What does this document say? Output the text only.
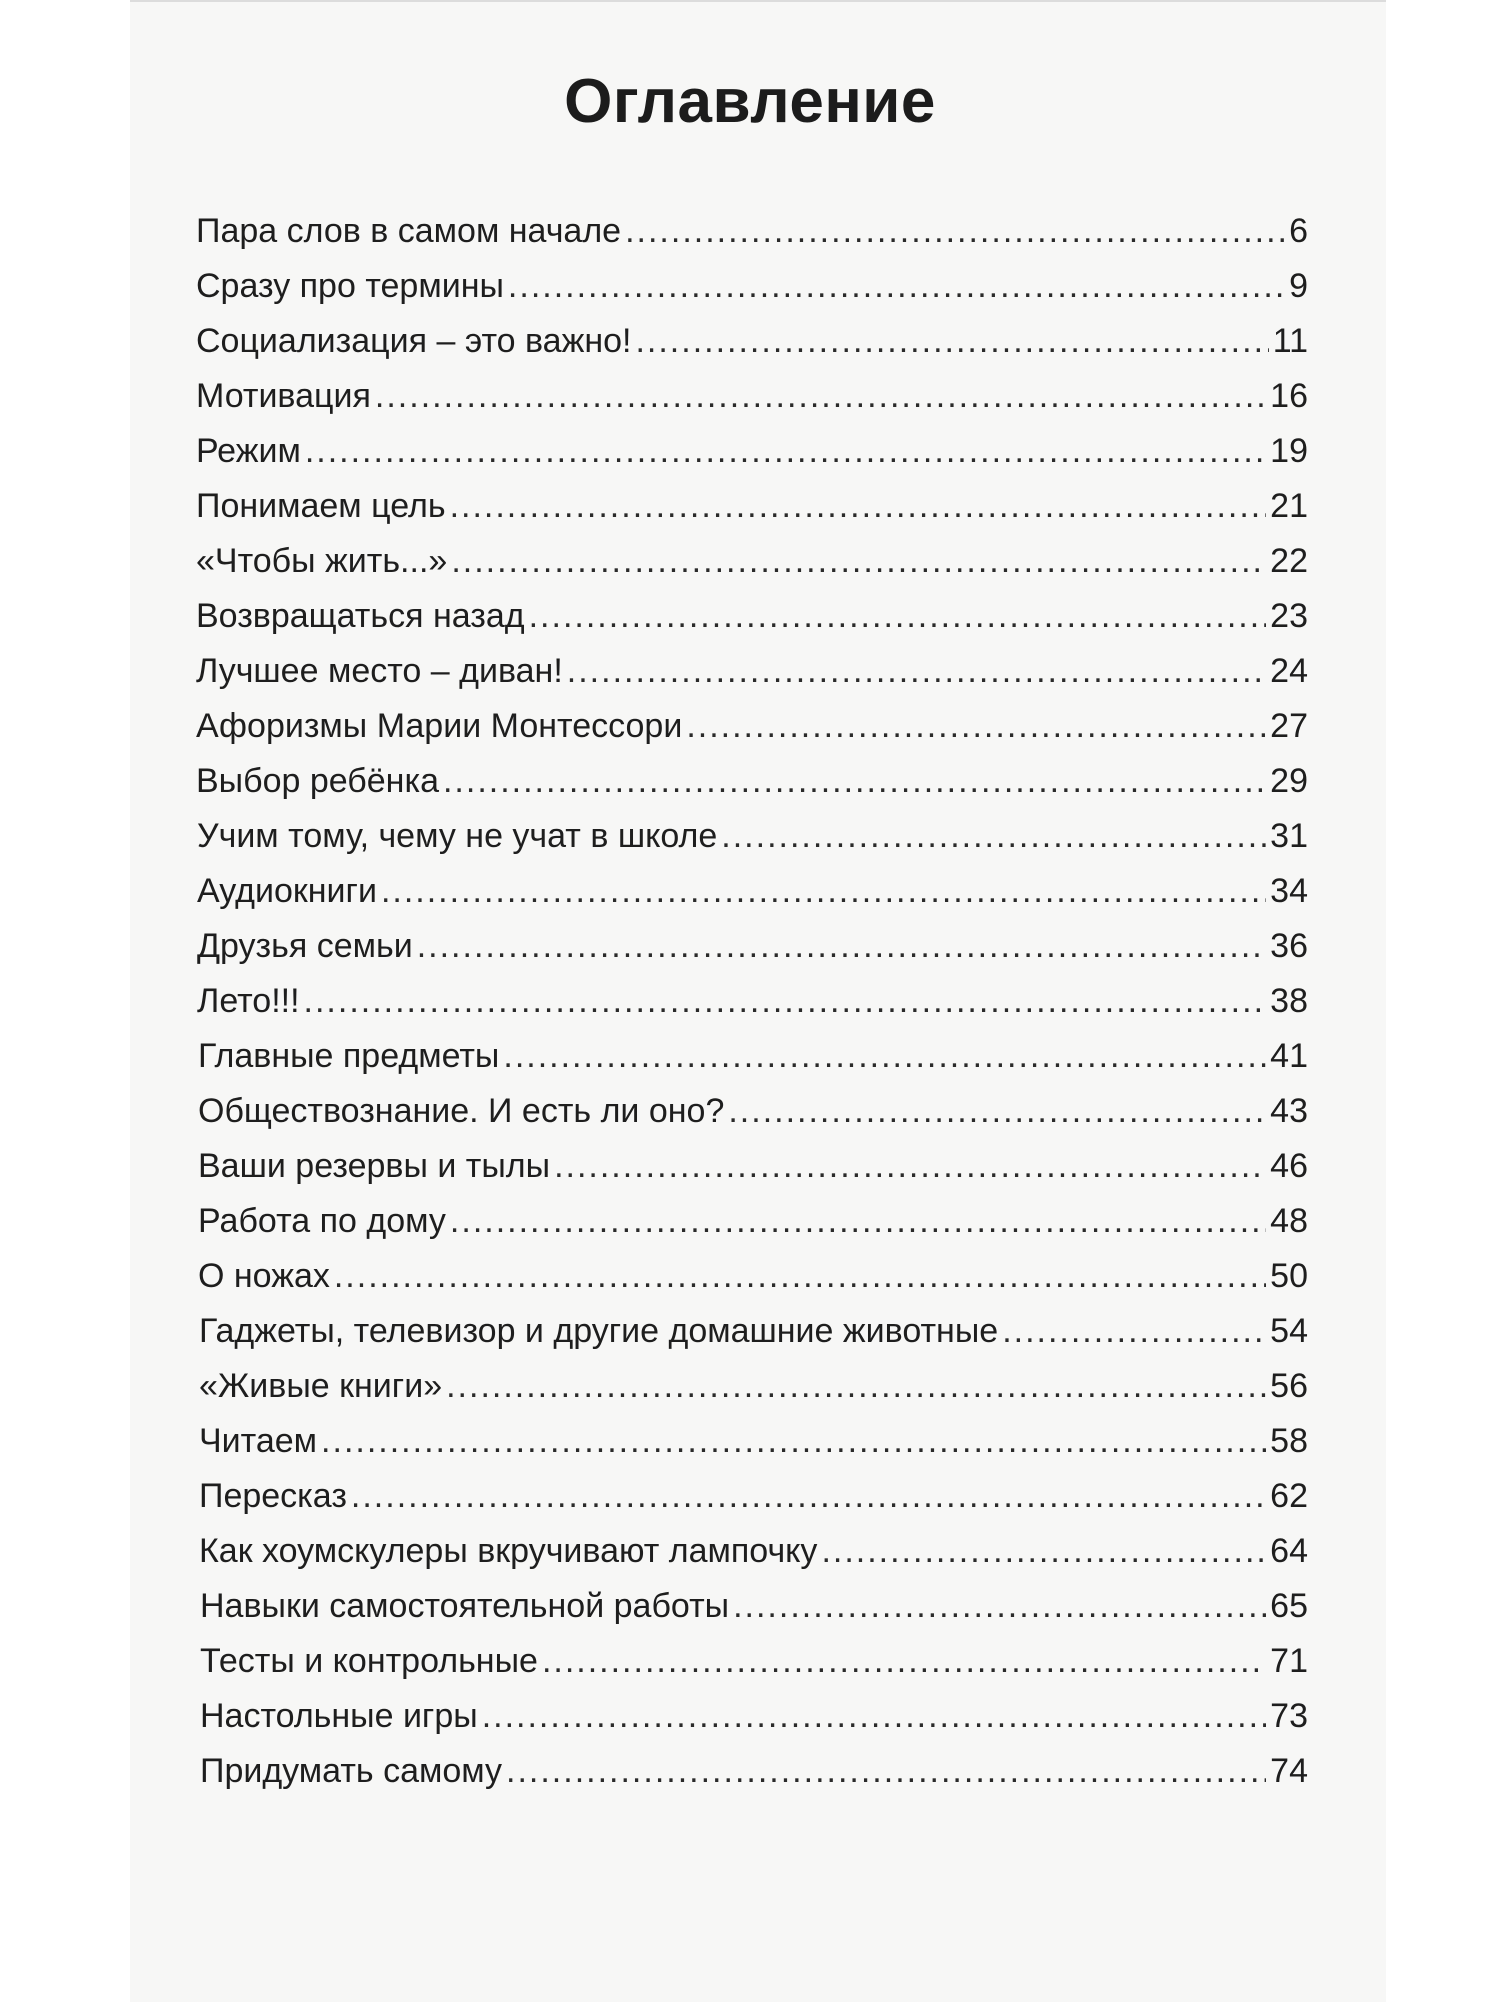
Оглавление
Пара слов в самом начале .....	6
Сразу про термины .....	9
Социализация – это важно! .....	11
Мотивация .....	16
Режим .....	19
Понимаем цель .....	21
«Чтобы жить...» .....	22
Возвращаться назад .....	23
Лучшее место – диван! .....	24
Афоризмы Марии Монтессори .....	27
Выбор ребёнка .....	29
Учим тому, чему не учат в школе .....	31
Аудиокниги .....	34
Друзья семьи .....	36
Лето!!! .....	38
Главные предметы .....	41
Обществознание. И есть ли оно? .....	43
Ваши резервы и тылы .....	46
Работа по дому .....	48
О ножах .....	50
Гаджеты, телевизор и другие домашние животные .....	54
«Живые книги» .....	56
Читаем .....	58
Пересказ .....	62
Как хоумскулеры вкручивают лампочку .....	64
Навыки самостоятельной работы .....	65
Тесты и контрольные .....	71
Настольные игры .....	73
Придумать самому .....	74
